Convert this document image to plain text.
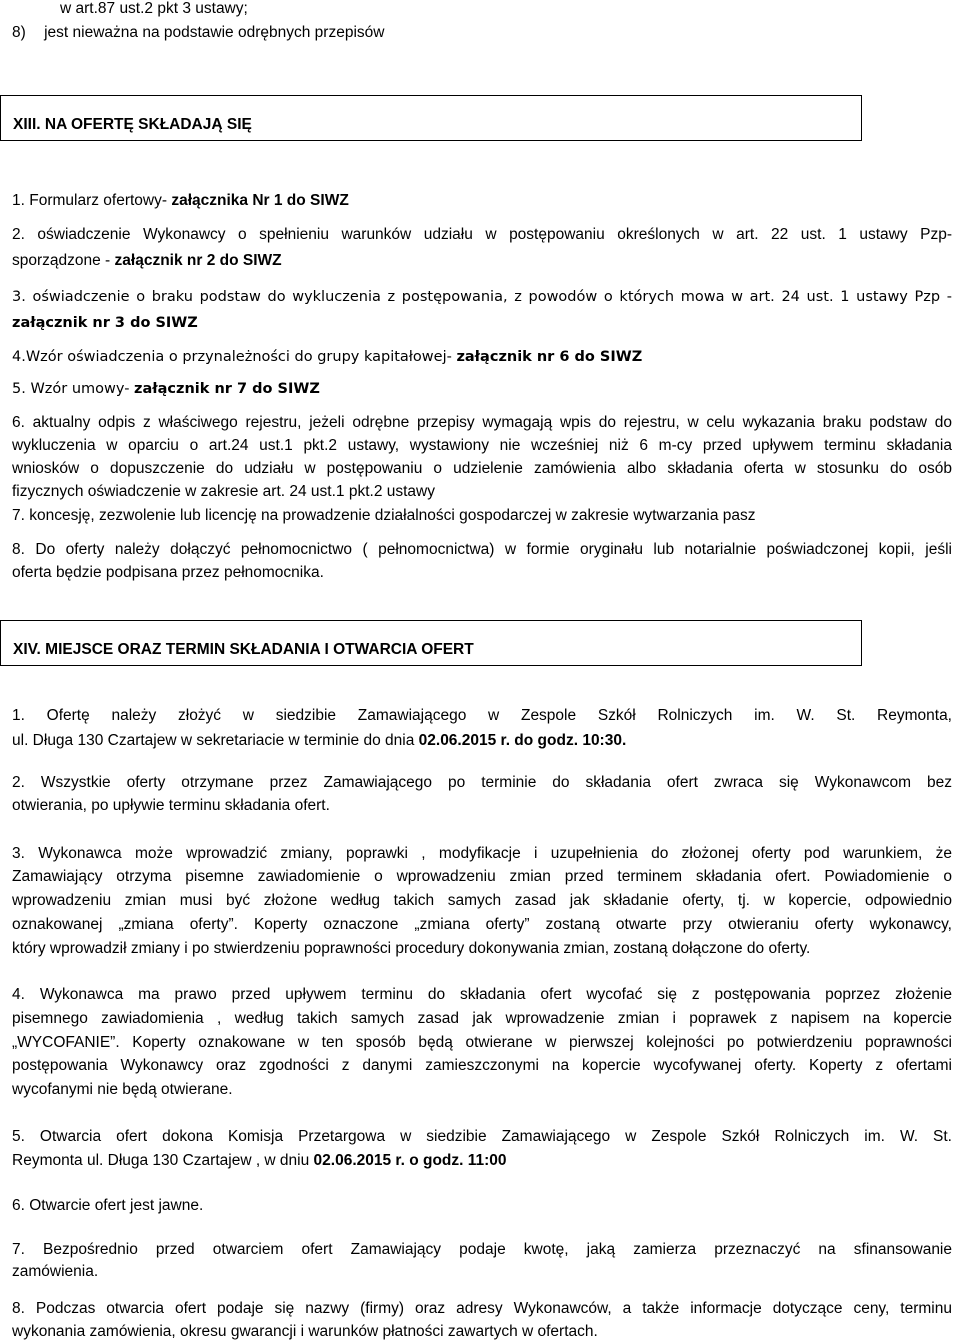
w art.87 ust.2 pkt 3 ustawy;
8) jest nieważna na podstawie odrębnych przepisów
XIII. NA OFERTĘ SKŁADAJĄ SIĘ
1. Formularz ofertowy- załącznika Nr 1 do SIWZ
2. oświadczenie Wykonawcy o spełnieniu warunków udziału w postępowaniu określonych w art. 22 ust. 1 ustawy Pzp-
sporządzone - załącznik nr 2 do SIWZ
3. oświadczenie o braku podstaw do wykluczenia z postępowania, z powodów o których mowa w art. 24 ust. 1 ustawy Pzp -
załącznik nr 3 do SIWZ
4.Wzór oświadczenia o przynależności do grupy kapitałowej- załącznik nr 6 do SIWZ
5. Wzór umowy- załącznik nr 7 do SIWZ
6. aktualny odpis z właściwego rejestru, jeżeli odrębne przepisy wymagają wpis do rejestru, w celu wykazania braku podstaw do
wykluczenia w oparciu o art.24 ust.1 pkt.2 ustawy, wystawiony nie wcześniej niż 6 m-cy przed upływem terminu składania
wniosków o dopuszczenie do udziału w postępowaniu o udzielenie zamówienia albo składania oferta w stosunku do osób
fizycznych oświadczenie w zakresie art. 24 ust.1 pkt.2 ustawy
7. koncesję, zezwolenie lub licencję na prowadzenie działalności gospodarczej w zakresie wytwarzania pasz
8. Do oferty należy dołączyć pełnomocnictwo ( pełnomocnictwa) w formie oryginału lub notarialnie poświadczonej kopii, jeśli
oferta będzie podpisana przez pełnomocnika.
XIV. MIEJSCE ORAZ TERMIN SKŁADANIA I OTWARCIA OFERT
1. Ofertę należy złożyć w siedzibie Zamawiającego w Zespole Szkół Rolniczych im. W. St. Reymonta,
ul. Długa 130 Czartajew w sekretariacie w terminie do dnia 02.06.2015 r. do godz. 10:30.
2. Wszystkie oferty otrzymane przez Zamawiającego po terminie do składania ofert zwraca się Wykonawcom bez
otwierania, po upływie terminu składania ofert.
3. Wykonawca może wprowadzić zmiany, poprawki , modyfikacje i uzupełnienia do złożonej oferty pod warunkiem, że
Zamawiający otrzyma pisemne zawiadomienie o wprowadzeniu zmian przed terminem składania ofert. Powiadomienie o
wprowadzeniu zmian musi być złożone według takich samych zasad jak składanie oferty, tj. w kopercie, odpowiednio
oznakowanej „zmiana oferty”. Koperty oznaczone „zmiana oferty” zostaną otwarte przy otwieraniu oferty wykonawcy,
który wprowadził zmiany i po stwierdzeniu poprawności procedury dokonywania zmian, zostaną dołączone do oferty.
4. Wykonawca ma prawo przed upływem terminu do składania ofert wycofać się z postępowania poprzez złożenie
pisemnego zawiadomienia , według takich samych zasad jak wprowadzenie zmian i poprawek z napisem na kopercie
„WYCOFANIE”. Koperty oznakowane w ten sposób będą otwierane w pierwszej kolejności po potwierdzeniu poprawności
postępowania Wykonawcy oraz zgodności z danymi zamieszczonymi na kopercie wycofywanej oferty. Koperty z ofertami
wycofanymi nie będą otwierane.
5. Otwarcia ofert dokona Komisja Przetargowa w siedzibie Zamawiającego w Zespole Szkół Rolniczych im. W. St.
Reymonta ul. Długa 130 Czartajew , w dniu 02.06.2015 r. o godz. 11:00
6. Otwarcie ofert jest jawne.
7. Bezpośrednio przed otwarciem ofert Zamawiający podaje kwotę, jaką zamierza przeznaczyć na sfinansowanie
zamówienia.
8. Podczas otwarcia ofert podaje się nazwy (firmy) oraz adresy Wykonawców, a także informacje dotyczące ceny, terminu
wykonania zamówienia, okresu gwarancji i warunków płatności zawartych w ofertach.
